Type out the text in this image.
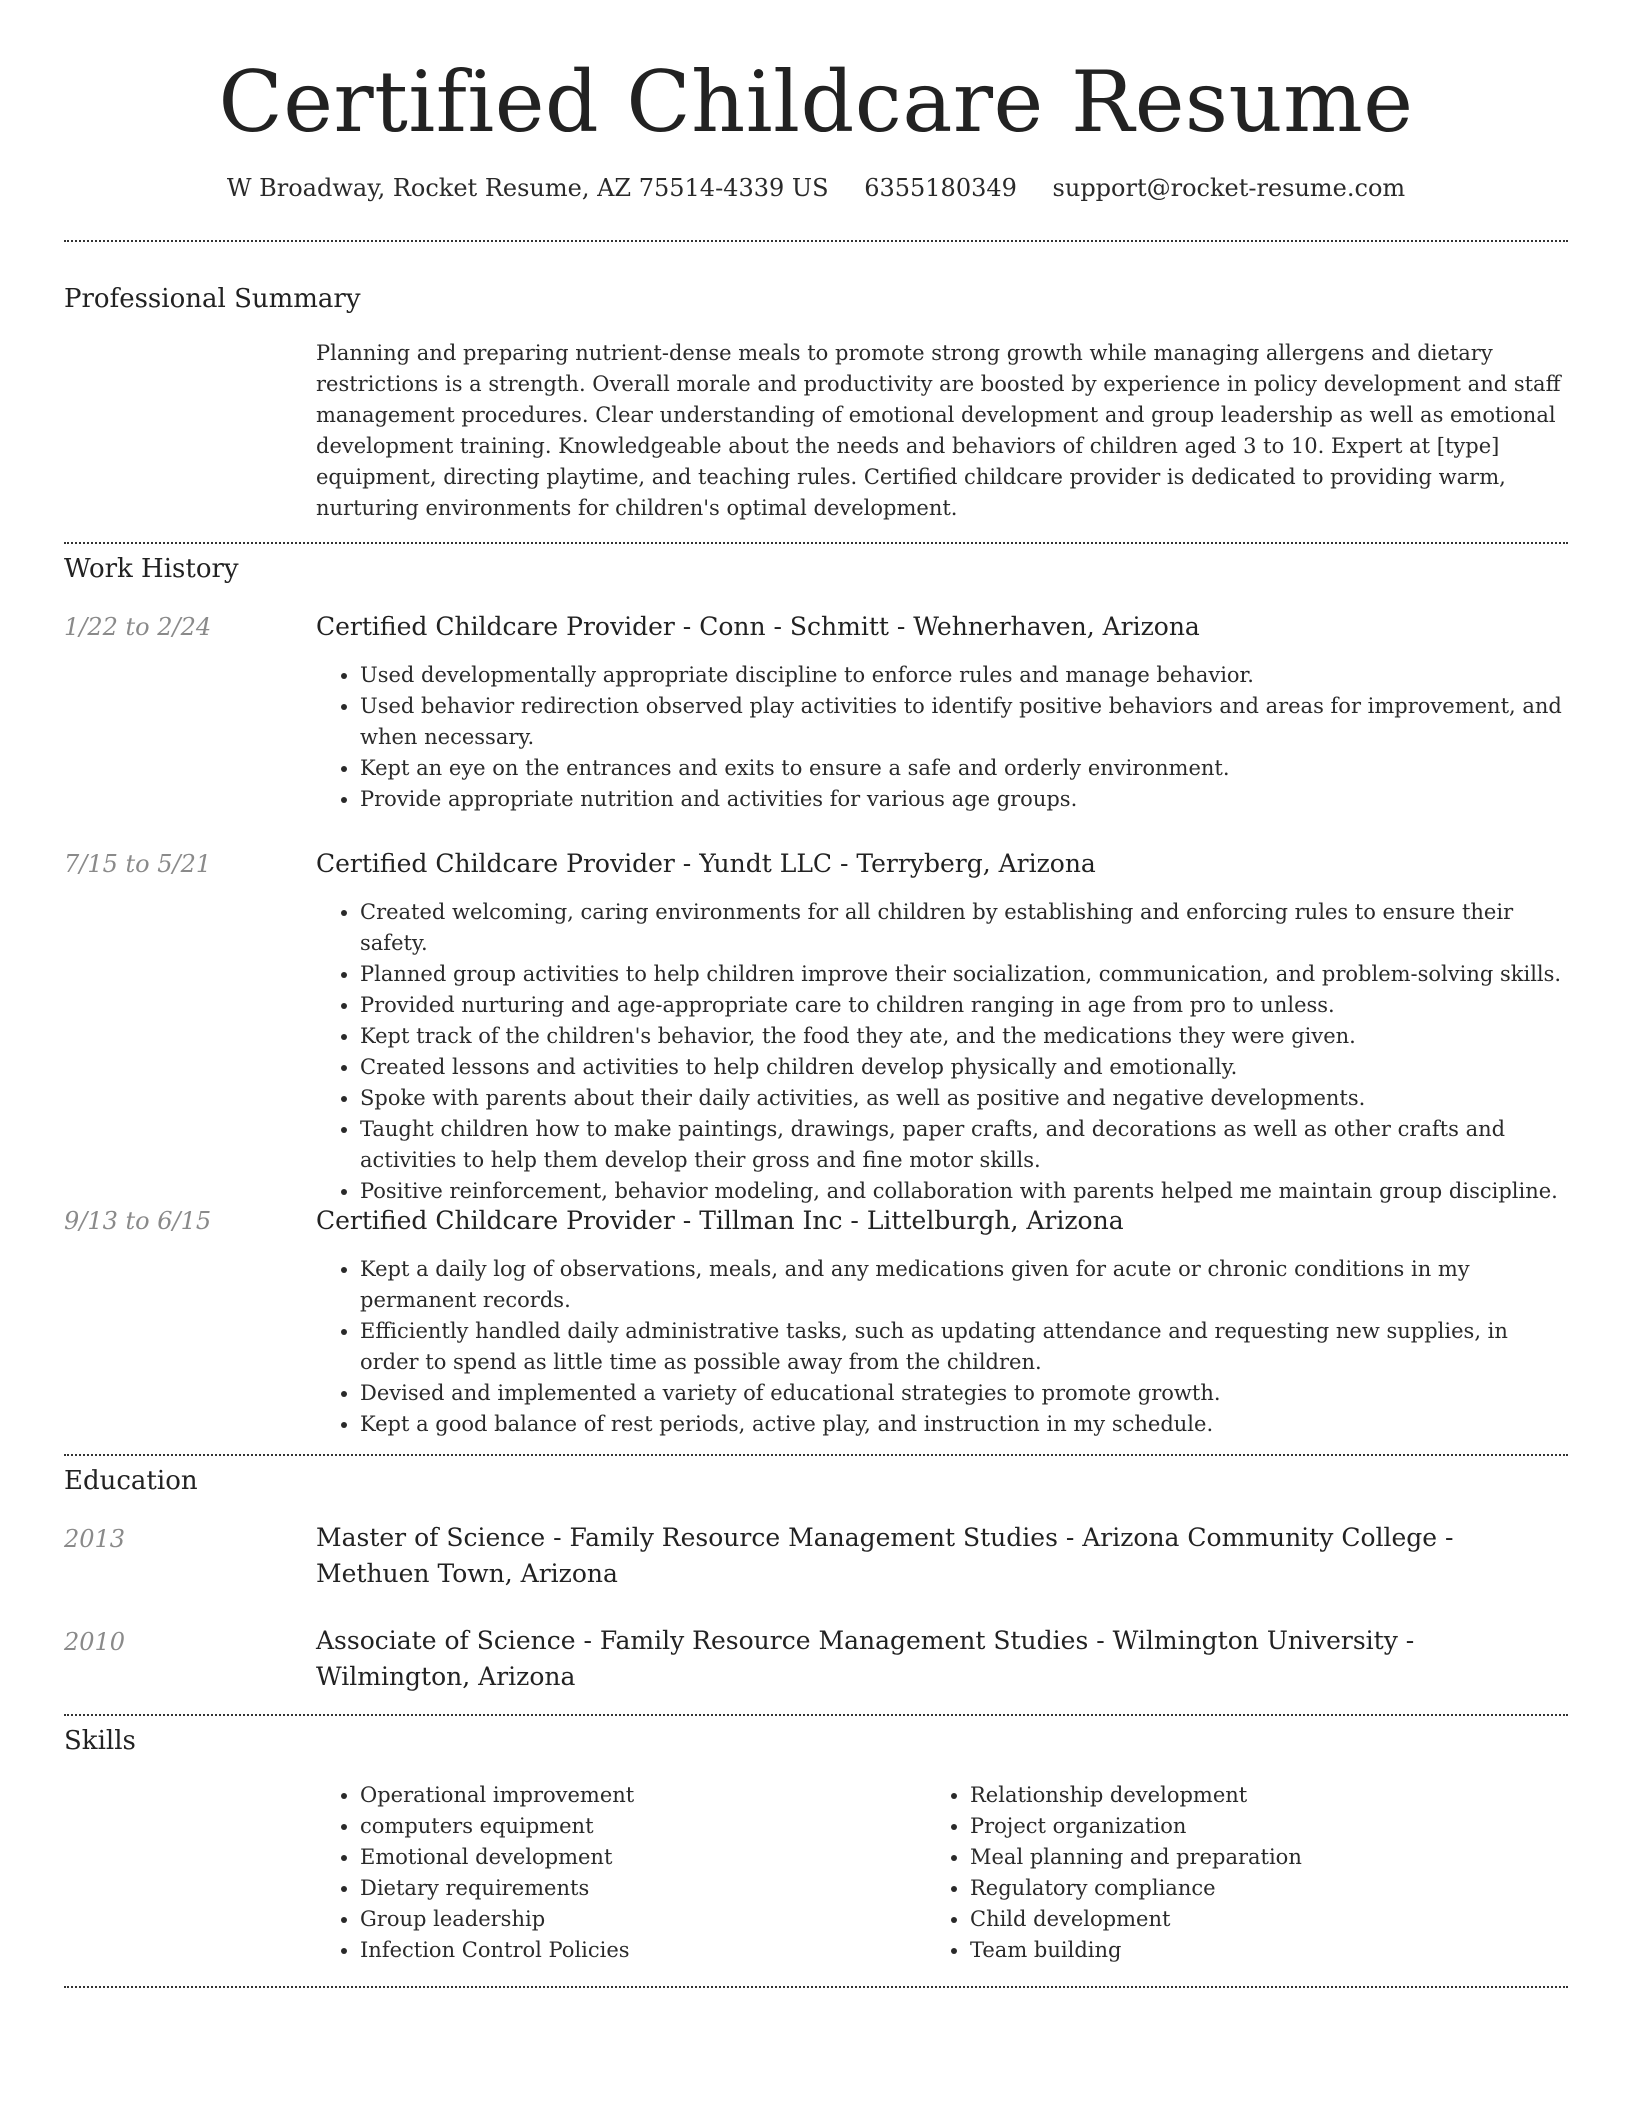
Certified Childcare Resume
W Broadway, Rocket Resume, AZ 75514-4339 US 6355180349 support@rocket-resume.com
Professional Summary
Planning and preparing nutrient-dense meals to promote strong growth while managing allergens and dietary restrictions is a strength. Overall morale and productivity are boosted by experience in policy development and staff management procedures. Clear understanding of emotional development and group leadership as well as emotional development training. Knowledgeable about the needs and behaviors of children aged 3 to 10. Expert at [type] equipment, directing playtime, and teaching rules. Certified childcare provider is dedicated to providing warm, nurturing environments for children's optimal development.
Work History
1/22 to 2/24	Certified Childcare Provider - Conn - Schmitt - Wehnerhaven, Arizona
• Used developmentally appropriate discipline to enforce rules and manage behavior.
• Used behavior redirection observed play activities to identify positive behaviors and areas for improvement, and when necessary.
• Kept an eye on the entrances and exits to ensure a safe and orderly environment.
• Provide appropriate nutrition and activities for various age groups.
7/15 to 5/21	Certified Childcare Provider - Yundt LLC - Terryberg, Arizona
• Created welcoming, caring environments for all children by establishing and enforcing rules to ensure their safety.
• Planned group activities to help children improve their socialization, communication, and problem-solving skills.
• Provided nurturing and age-appropriate care to children ranging in age from pro to unless.
• Kept track of the children's behavior, the food they ate, and the medications they were given.
• Created lessons and activities to help children develop physically and emotionally.
• Spoke with parents about their daily activities, as well as positive and negative developments.
• Taught children how to make paintings, drawings, paper crafts, and decorations as well as other crafts and activities to help them develop their gross and fine motor skills.
• Positive reinforcement, behavior modeling, and collaboration with parents helped me maintain group discipline.
9/13 to 6/15	Certified Childcare Provider - Tillman Inc - Littelburgh, Arizona
• Kept a daily log of observations, meals, and any medications given for acute or chronic conditions in my permanent records.
• Efficiently handled daily administrative tasks, such as updating attendance and requesting new supplies, in order to spend as little time as possible away from the children.
• Devised and implemented a variety of educational strategies to promote growth.
• Kept a good balance of rest periods, active play, and instruction in my schedule.
Education
2013	Master of Science - Family Resource Management Studies - Arizona Community College - Methuen Town, Arizona
2010	Associate of Science - Family Resource Management Studies - Wilmington University - Wilmington, Arizona
Skills
• Operational improvement
• computers equipment
• Emotional development
• Dietary requirements
• Group leadership
• Infection Control Policies
• Relationship development
• Project organization
• Meal planning and preparation
• Regulatory compliance
• Child development
• Team building
